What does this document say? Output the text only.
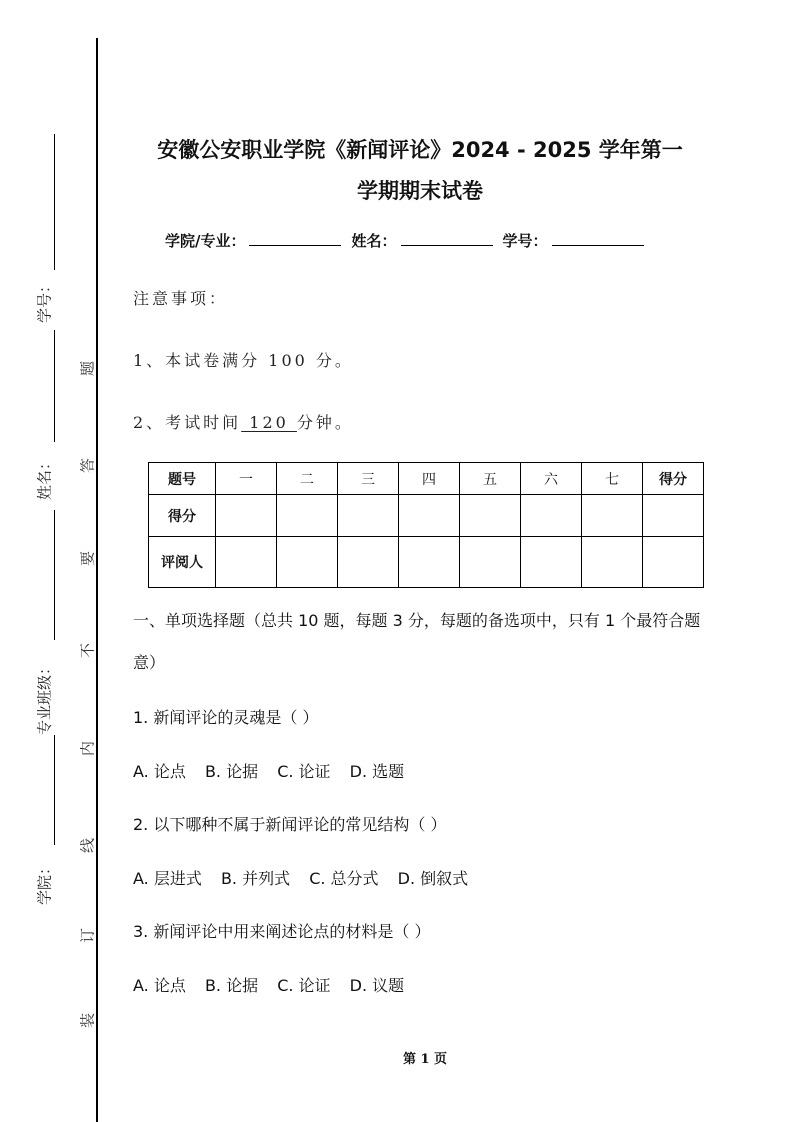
学号：
姓名：
专业班级：
学院：
题
答
要
不
内
线
订
装
安徽公安职业学院《新闻评论》2024 - 2025 学年第一
学期期末试卷
学院/专业：	姓名：	学号：
注意事项：
1、本试卷满分 100 分。
2、考试时间 120 分钟。
题号	一	二	三	四	五	六	七	得分
得分								
评阅人								
一、单项选择题（总共 10 题，每题 3 分，每题的备选项中，只有 1 个最符合题意）
1. 新闻评论的灵魂是（ ）
A. 论点 B. 论据 C. 论证 D. 选题
2. 以下哪种不属于新闻评论的常见结构（ ）
A. 层进式 B. 并列式 C. 总分式 D. 倒叙式
3. 新闻评论中用来阐述论点的材料是（ ）
A. 论点 B. 论据 C. 论证 D. 议题
第 1 页
